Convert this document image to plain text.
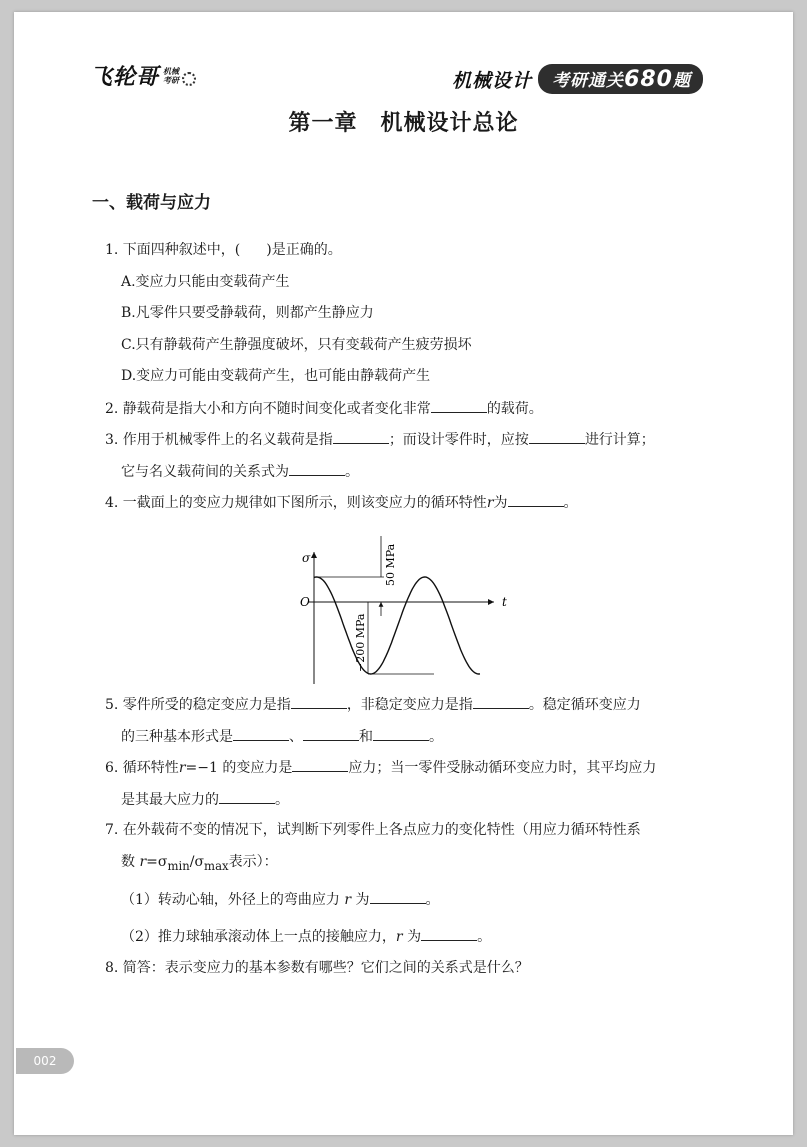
飞轮哥 机械
考研	机械设计	考研通关680题
第一章　机械设计总论
一、载荷与应力
1. 下面四种叙述中，( )是正确的。
A.变应力只能由变载荷产生
B.凡零件只要受静载荷，则都产生静应力
C.只有静载荷产生静强度破坏，只有变载荷产生疲劳损坏
D.变应力可能由变载荷产生，也可能由静载荷产生
2. 静载荷是指大小和方向不随时间变化或者变化非常	的载荷。
3. 作用于机械零件上的名义载荷是指	；而设计零件时，应按	进行计算；
它与名义载荷间的关系式为	。
4. 一截面上的变应力规律如下图所示，则该变应力的循环特性r为	。
σ
O	t
50 MPa
−200 MPa
5. 零件所受的稳定变应力是指	，非稳定变应力是指	。稳定循环变应力
的三种基本形式是	、	和	。
6. 循环特性r=−1 的变应力是	应力；当一零件受脉动循环变应力时，其平均应力
是其最大应力的	。
7. 在外载荷不变的情况下，试判断下列零件上各点应力的变化特性（用应力循环特性系
数 $r=\sigma_{min}/\sigma_{max}$表示）：
（1）转动心轴，外径上的弯曲应力 r 为	。
（2）推力球轴承滚动体上一点的接触应力，r 为	。
8. 简答：表示变应力的基本参数有哪些？它们之间的关系式是什么？
002
